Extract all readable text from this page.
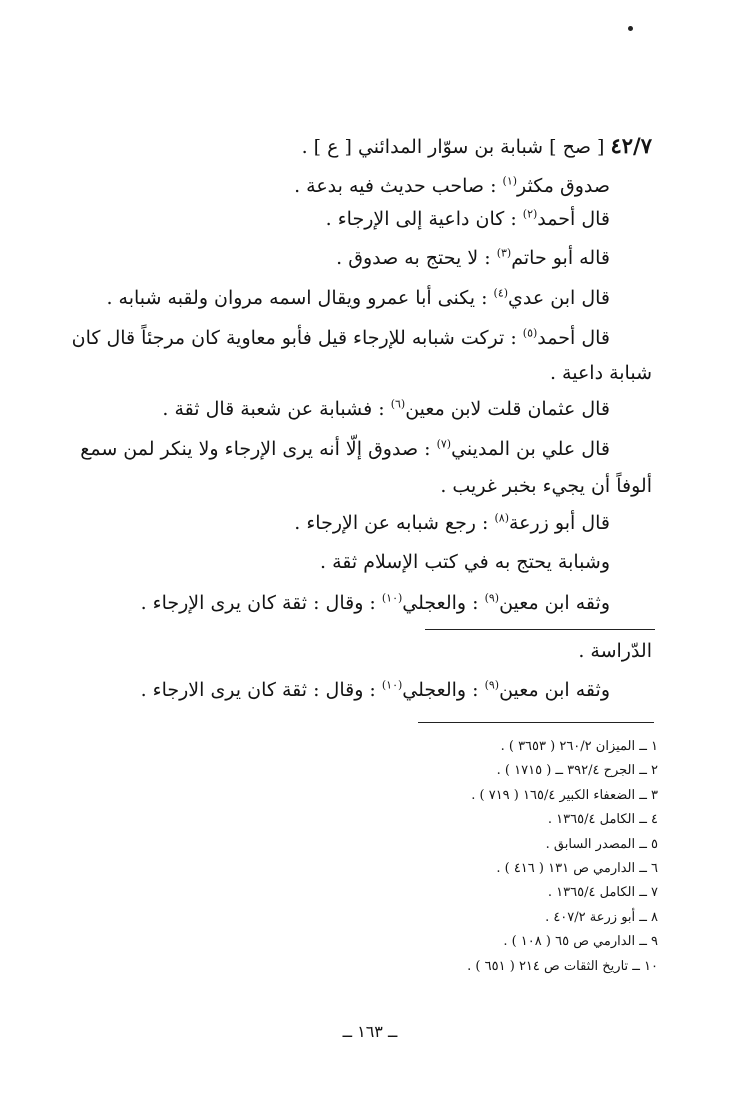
٤٢/٧ [ صح ] شبابة بن سوّار المدائني [ ع ] .
صدوق مكثر$^{(١)}$ : صاحب حديث فيه بدعة .
قال أحمد$^{(٢)}$ : كان داعية إلى الإرجاء .
قاله أبو حاتم$^{(٣)}$ : لا يحتج به صدوق .
قال ابن عدي$^{(٤)}$ : يكنى أبا عمرو ويقال اسمه مروان ولقبه شبابه .
قال أحمد$^{(٥)}$ : تركت شبابه للإرجاء قيل فأبو معاوية كان مرجئاً قال كان
شبابة داعية .
قال عثمان قلت لابن معين$^{(٦)}$ : فشبابة عن شعبة قال ثقة .
قال علي بن المديني$^{(٧)}$ : صدوق إلّا أنه يرى الإرجاء ولا ينكر لمن سمع
ألوفاً أن يجيء بخبر غريب .
قال أبو زرعة$^{(٨)}$ : رجع شبابه عن الإرجاء .
وشبابة يحتج به في كتب الإسلام ثقة .
وثقه ابن معين$^{(٩)}$ : والعجلي$^{(١٠)}$ : وقال : ثقة كان يرى الإرجاء .
الدّراسة .
وثقه ابن معين$^{(٩)}$ : والعجلي$^{(١٠)}$ : وقال : ثقة كان يرى الارجاء .
١ ــ الميزان ٢٦٠/٢ ( ٣٦٥٣ ) .
٢ ــ الجرح ٣٩٢/٤ ــ ( ١٧١٥ ) .
٣ ــ الضعفاء الكبير ١٦٥/٤ ( ٧١٩ ) .
٤ ــ الكامل ١٣٦٥/٤ .
٥ ــ المصدر السابق .
٦ ــ الدارمي ص ١٣١ ( ٤١٦ ) .
٧ ــ الكامل ١٣٦٥/٤ .
٨ ــ أبو زرعة ٤٠٧/٢ .
٩ ــ الدارمي ص ٦٥ ( ١٠٨ ) .
١٠ ــ تاريخ الثقات ص ٢١٤ ( ٦٥١ ) .
ــ ١٦٣ ــ
